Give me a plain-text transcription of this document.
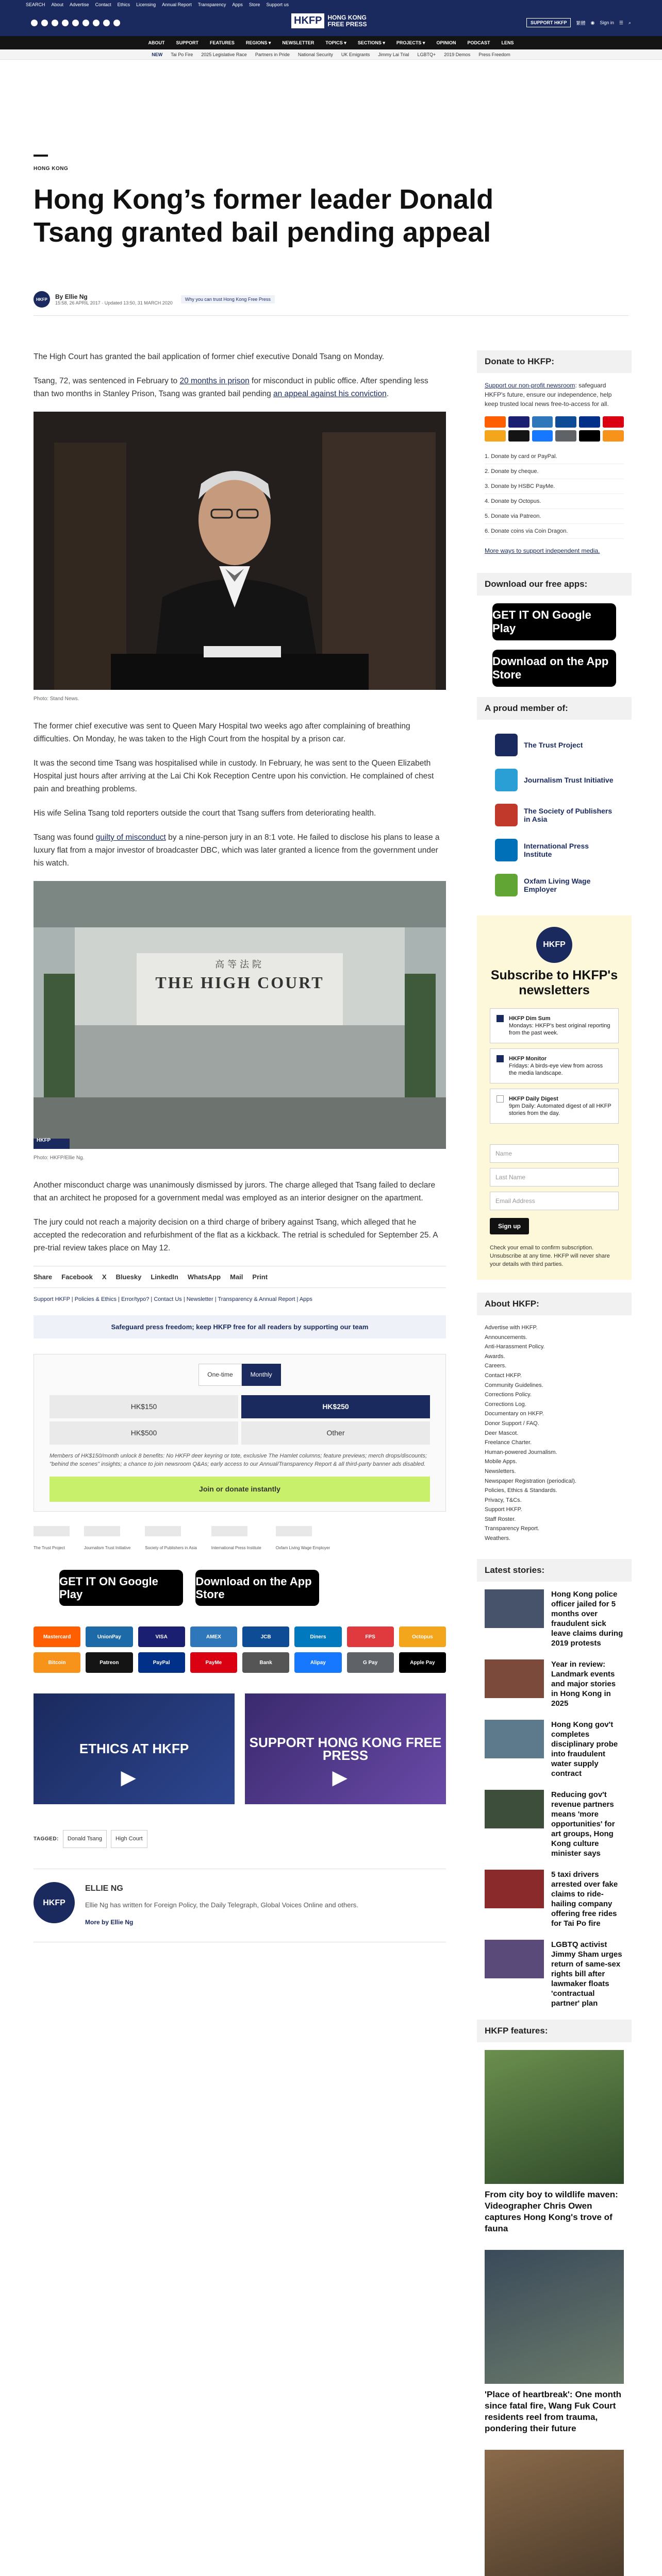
SEARCH About Advertise Contact Ethics Licensing Annual Report Transparency Apps Store Support us
HKFP HONG KONG
FREE PRESS	SUPPORT HKFP	繁體 ◉ Sign in ☰ ⌕
ABOUT SUPPORT FEATURES REGIONS ▾ NEWSLETTER TOPICS ▾ SECTIONS ▾ PROJECTS ▾ OPINION PODCAST LENS
NEW Tai Po Fire 2025 Legislative Race Partners in Pride National Security UK Emigrants Jimmy Lai Trial LGBTQ+ 2019 Demos Press Freedom
HONG KONG
Hong Kong’s former leader Donald Tsang granted bail pending appeal
HKFP	By Ellie Ng
15:58, 26 APRIL 2017 · Updated 13:50, 31 MARCH 2020
Why you can trust Hong Kong Free Press

The High Court has granted the bail application of former chief executive Donald Tsang on Monday.

Tsang, 72, was sentenced in February to 20 months in prison for misconduct in public office. After spending less than two months in Stanley Prison, Tsang was granted bail pending an appeal against his conviction.

Photo: Stand News.

The former chief executive was sent to Queen Mary Hospital two weeks ago after complaining of breathing difficulties. On Monday, he was taken to the High Court from the hospital by a prison car.

It was the second time Tsang was hospitalised while in custody. In February, he was sent to the Queen Elizabeth Hospital just hours after arriving at the Lai Chi Kok Reception Centre upon his conviction. He complained of chest pain and breathing problems.

His wife Selina Tsang told reporters outside the court that Tsang suffers from deteriorating health.

Tsang was found guilty of misconduct by a nine-person jury in an 8:1 vote. He failed to disclose his plans to lease a luxury flat from a major investor of broadcaster DBC, which was later granted a licence from the government under his watch.

高等法院
THE HIGH COURT
HKFP
Photo: HKFP/Ellie Ng.

Another misconduct charge was unanimously dismissed by jurors. The charge alleged that Tsang failed to declare that an architect he proposed for a government medal was employed as an interior designer on the apartment.

The jury could not reach a majority decision on a third charge of bribery against Tsang, which alleged that he accepted the redecoration and refurbishment of the flat as a kickback. The retrial is scheduled for September 25. A pre-trial review takes place on May 12.

Share Facebook X Bluesky LinkedIn WhatsApp Mail Print
Support HKFP | Policies & Ethics | Error/typo? | Contact Us | Newsletter | Transparency & Annual Report | Apps
Safeguard press freedom; keep HKFP free for all readers by supporting our team
One-time	Monthly
HK$150	HK$250
HK$500	Other
Members of HK$150/month unlock 8 benefits: No HKFP deer keyring or tote, exclusive The Hamlet columns; feature previews; merch drops/discounts; "behind the scenes" insights; a chance to join newsroom Q&As; early access to our Annual/Transparency Report & all third-party banner ads disabled.
Join or donate instantly
The Trust Project	Journalism Trust Initiative	Society of Publishers in Asia	International Press Institute	Oxfam Living Wage Employer
GET IT ON Google Play Download on the App Store
Mastercard	UnionPay	VISA	AMEX	JCB	Diners	FPS	Octopus
Bitcoin	Patreon	PayPal	PayMe	Bank	Alipay	G Pay	Apple Pay
ETHICS AT HKFP
▶
SUPPORT HONG KONG FREE PRESS
▶
TAGGED:	Donald Tsang	High Court
HKFP
ELLIE NG
Ellie Ng has written for Foreign Policy, the Daily Telegraph, Global Voices Online and others.
More by Ellie Ng
Donate to HKFP:
Support our non-profit newsroom: safeguard HKFP's future, ensure our independence, help keep trusted local news free-to-access for all.
1. Donate by card or PayPal.
2. Donate by cheque.
3. Donate by HSBC PayMe.
4. Donate by Octopus.
5. Donate via Patreon.
6. Donate coins via Coin Dragon.
More ways to support independent media.
Download our free apps:
GET IT ON Google Play
Download on the App Store
A proud member of:
The Trust Project
Journalism Trust Initiative
The Society of Publishers in Asia
International Press Institute
Oxfam Living Wage Employer
HKFP
Subscribe to HKFP's newsletters
HKFP Dim Sum
Mondays: HKFP's best original reporting from the past week.
HKFP Monitor
Fridays: A birds-eye view from across the media landscape.
HKFP Daily Digest
9pm Daily: Automated digest of all HKFP stories from the day.
Name
Last Name
Email Address
Sign up
Check your email to confirm subscription. Unsubscribe at any time. HKFP will never share your details with third parties.
About HKFP:
Advertise with HKFP.
Announcements.
Anti-Harassment Policy.
Awards.
Careers.
Contact HKFP.
Community Guidelines.
Corrections Policy.
Corrections Log.
Documentary on HKFP.
Donor Support / FAQ.
Deer Mascot.
Freelance Charter.
Human-powered Journalism.
Mobile Apps.
Newsletters.
Newspaper Registration (periodical).
Policies, Ethics & Standards.
Privacy, T&Cs.
Support HKFP.
Staff Roster.
Transparency Report.
Weathers.
Latest stories:
Hong Kong police officer jailed for 5 months over fraudulent sick leave claims during 2019 protests
Year in review: Landmark events and major stories in Hong Kong in 2025
Hong Kong gov't completes disciplinary probe into fraudulent water supply contract
Reducing gov't revenue partners means 'more opportunities' for art groups, Hong Kong culture minister says
5 taxi drivers arrested over fake claims to ride-hailing company offering free rides for Tai Po fire
LGBTQ activist Jimmy Sham urges return of same-sex rights bill after lawmaker floats 'contractual partner' plan
HKFP features:
From city boy to wildlife maven: Videographer Chris Owen captures Hong Kong's trove of fauna
'Place of heartbreak': One month since fatal fire, Wang Fuk Court residents reel from trauma, pondering their future
